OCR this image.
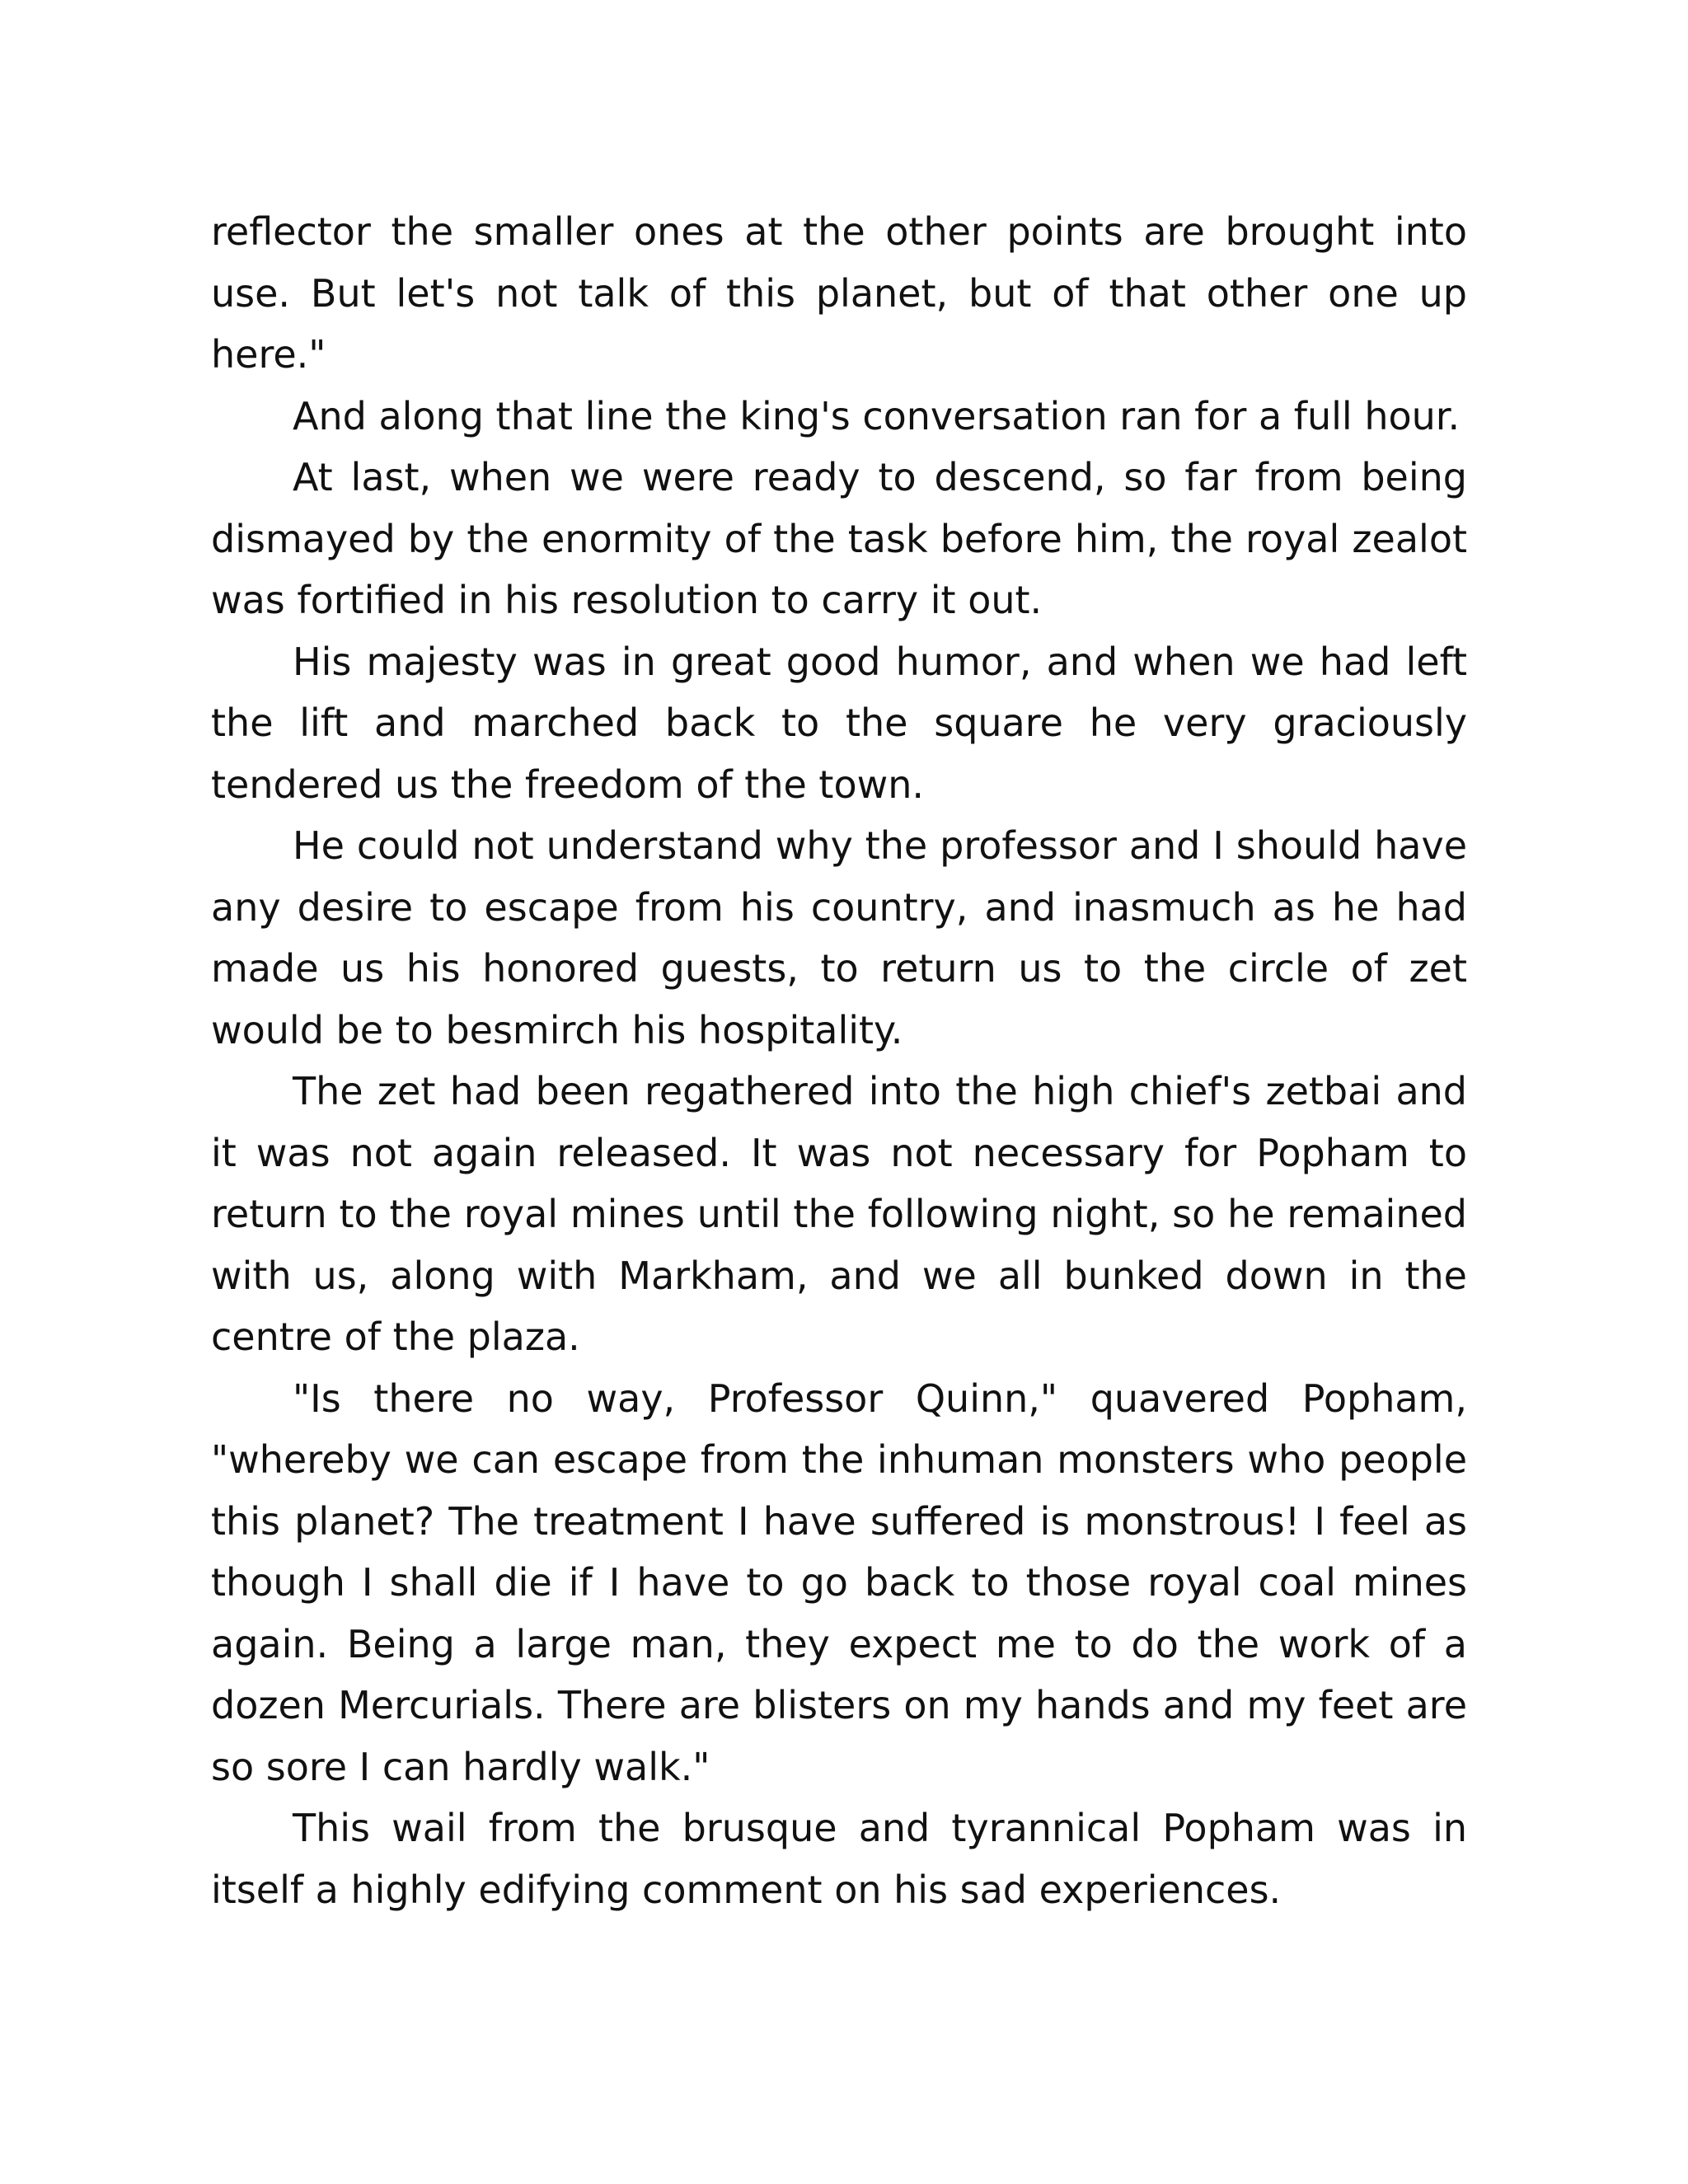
reflector the smaller ones at the other points are brought into use. But let's not talk of this planet, but of that other one up here."

And along that line the king's conversation ran for a full hour.

At last, when we were ready to descend, so far from being dismayed by the enormity of the task before him, the royal zealot was fortified in his resolution to carry it out.

His majesty was in great good humor, and when we had left the lift and marched back to the square he very graciously tendered us the freedom of the town.

He could not understand why the professor and I should have any desire to escape from his country, and inasmuch as he had made us his honored guests, to return us to the circle of zet would be to besmirch his hospitality.

The zet had been regathered into the high chief's zetbai and it was not again released. It was not necessary for Popham to return to the royal mines until the following night, so he remained with us, along with Markham, and we all bunked down in the centre of the plaza.

"Is there no way, Professor Quinn," quavered Popham, "whereby we can escape from the inhuman monsters who people this planet? The treatment I have suffered is monstrous! I feel as though I shall die if I have to go back to those royal coal mines again. Being a large man, they expect me to do the work of a dozen Mercurials. There are blisters on my hands and my feet are so sore I can hardly walk."

This wail from the brusque and tyrannical Popham was in itself a highly edifying comment on his sad experiences.
